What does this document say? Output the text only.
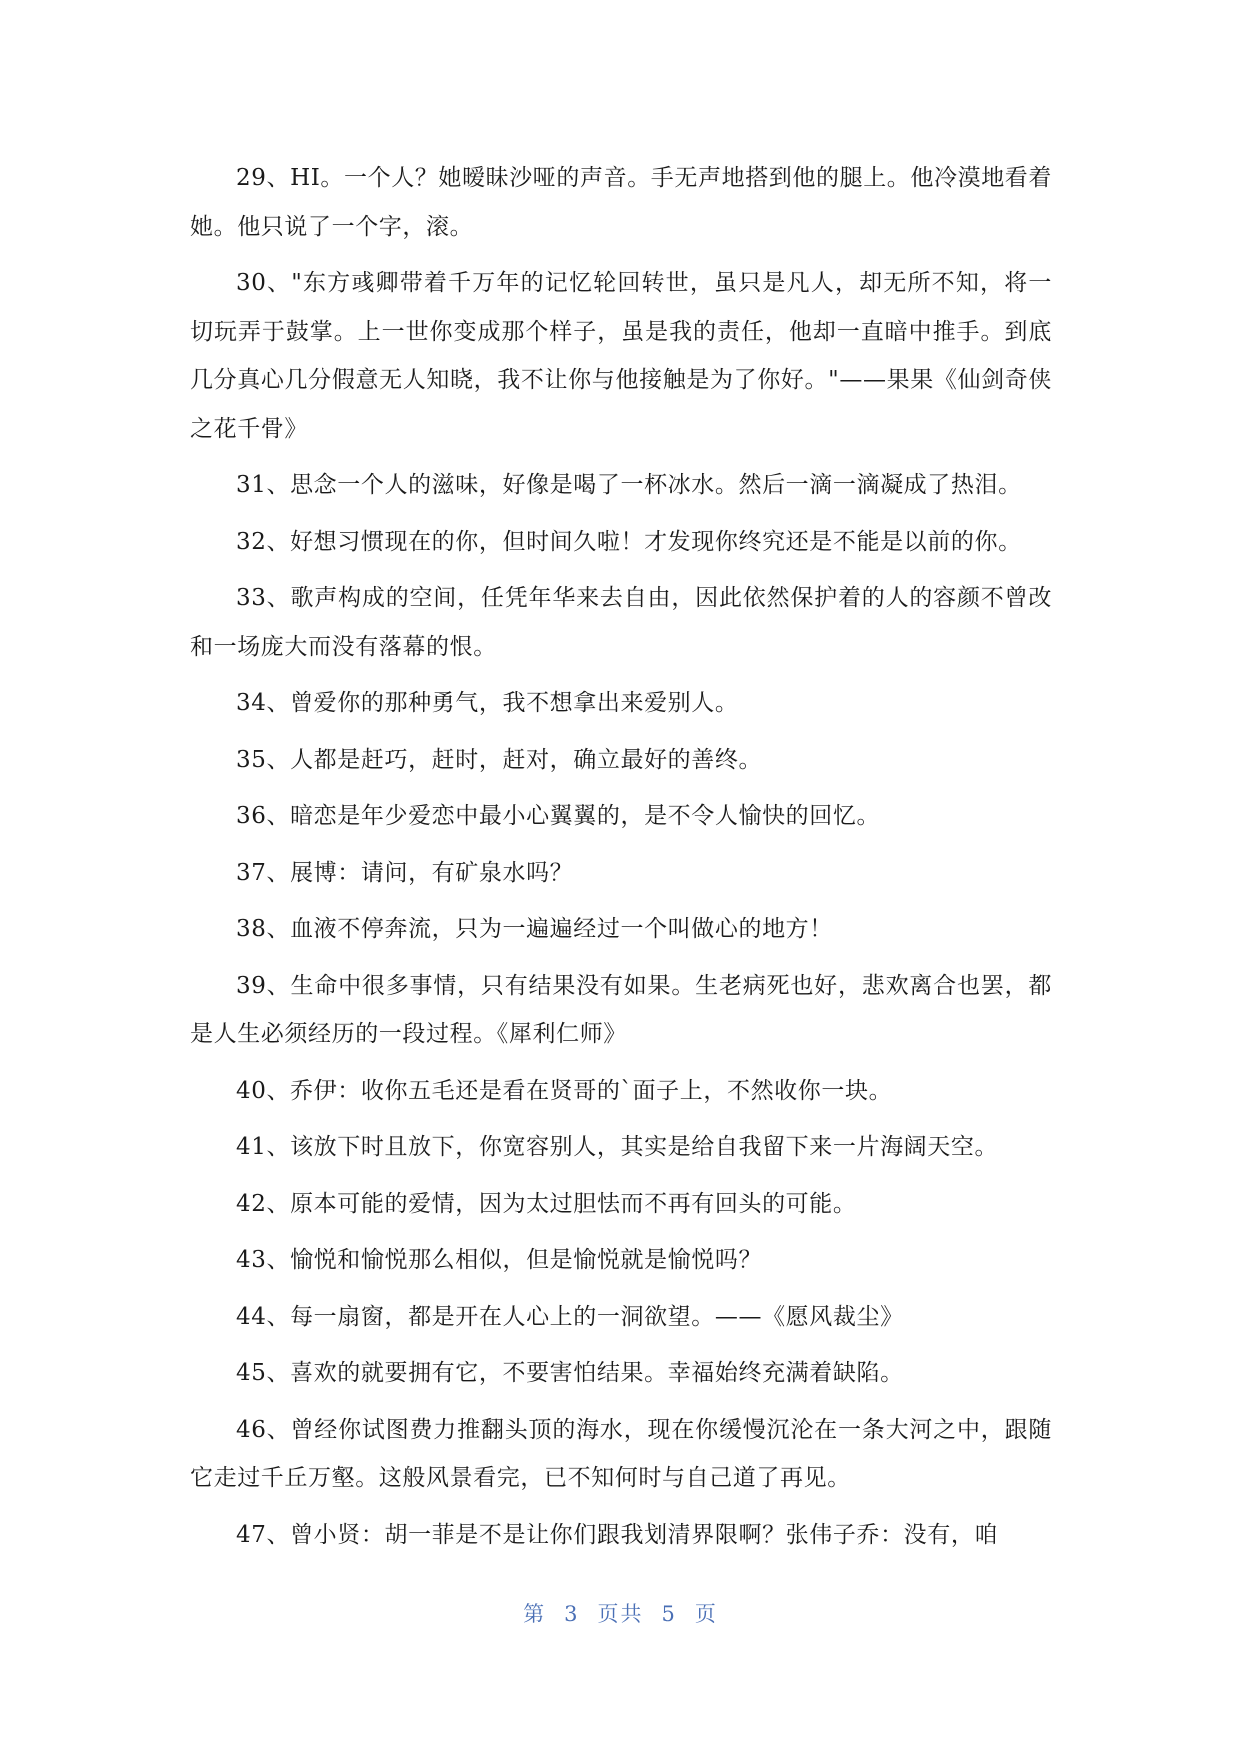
29、HI。一个人？她暧昧沙哑的声音。手无声地搭到他的腿上。他冷漠地看着她。他只说了一个字，滚。

30、"东方彧卿带着千万年的记忆轮回转世，虽只是凡人，却无所不知，将一切玩弄于鼓掌。上一世你变成那个样子，虽是我的责任，他却一直暗中推手。到底几分真心几分假意无人知晓，我不让你与他接触是为了你好。"——果果《仙剑奇侠之花千骨》

31、思念一个人的滋味，好像是喝了一杯冰水。然后一滴一滴凝成了热泪。

32、好想习惯现在的你，但时间久啦！才发现你终究还是不能是以前的你。

33、歌声构成的空间，任凭年华来去自由，因此依然保护着的人的容颜不曾改和一场庞大而没有落幕的恨。

34、曾爱你的那种勇气，我不想拿出来爱别人。

35、人都是赶巧，赶时，赶对，确立最好的善终。

36、暗恋是年少爱恋中最小心翼翼的，是不令人愉快的回忆。

37、展博：请问，有矿泉水吗？

38、血液不停奔流，只为一遍遍经过一个叫做心的地方！

39、生命中很多事情，只有结果没有如果。生老病死也好，悲欢离合也罢，都是人生必须经历的一段过程。《犀利仁师》

40、乔伊：收你五毛还是看在贤哥的`面子上，不然收你一块。

41、该放下时且放下，你宽容别人，其实是给自我留下来一片海阔天空。

42、原本可能的爱情，因为太过胆怯而不再有回头的可能。

43、愉悦和愉悦那么相似，但是愉悦就是愉悦吗？

44、每一扇窗，都是开在人心上的一洞欲望。——《愿风裁尘》

45、喜欢的就要拥有它，不要害怕结果。幸福始终充满着缺陷。

46、曾经你试图费力推翻头顶的海水，现在你缓慢沉沦在一条大河之中，跟随它走过千丘万壑。这般风景看完，已不知何时与自己道了再见。

47、曾小贤：胡一菲是不是让你们跟我划清界限啊？张伟子乔：没有，咱

第 3 页共 5 页
